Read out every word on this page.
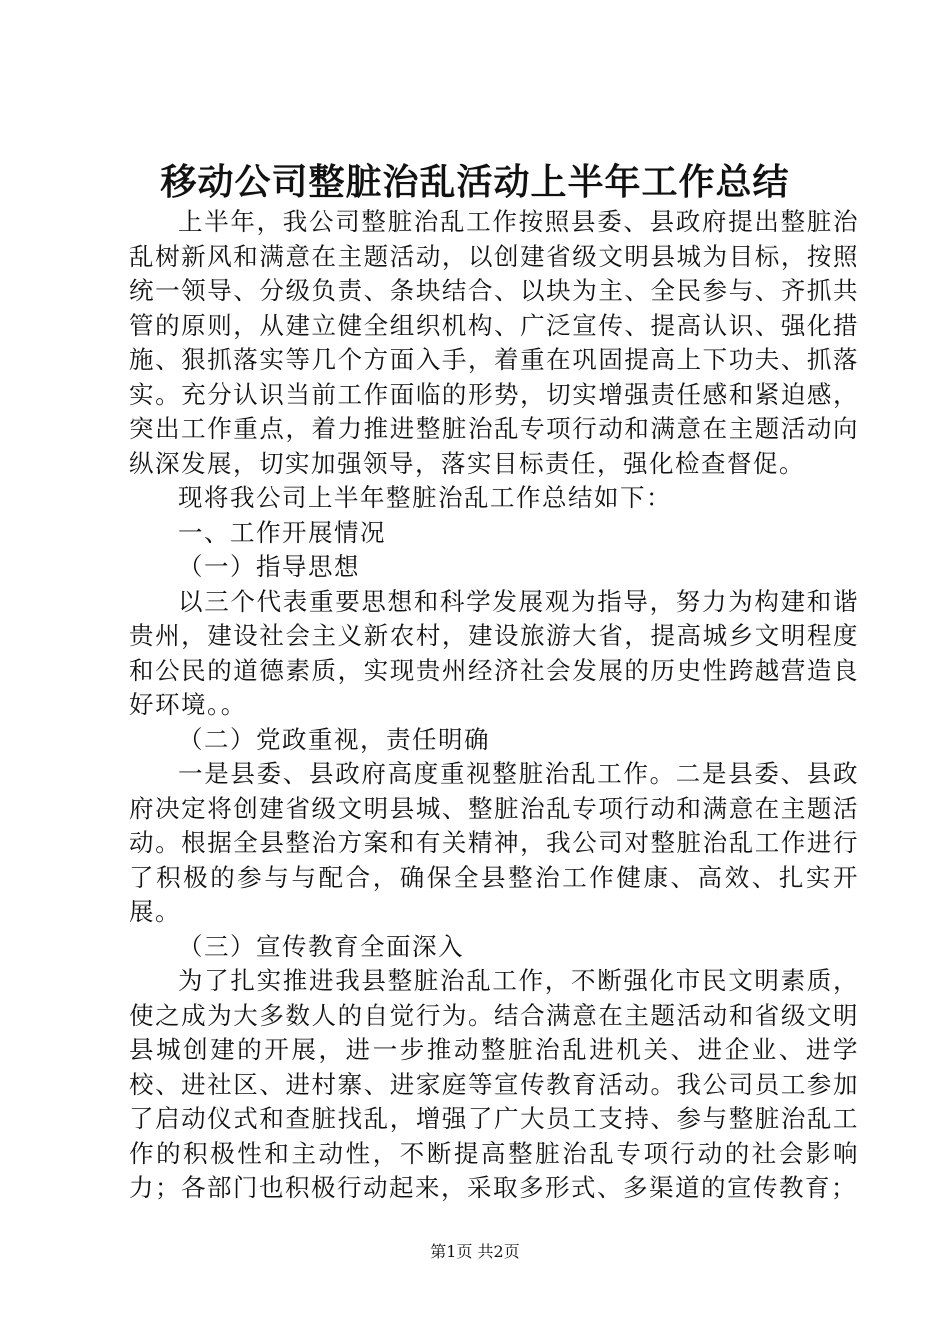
移动公司整脏治乱活动上半年工作总结

上半年，我公司整脏治乱工作按照县委、县政府提出整脏治乱树新风和满意在主题活动，以创建省级文明县城为目标，按照统一领导、分级负责、条块结合、以块为主、全民参与、齐抓共管的原则，从建立健全组织机构、广泛宣传、提高认识、强化措施、狠抓落实等几个方面入手，着重在巩固提高上下功夫、抓落实。充分认识当前工作面临的形势，切实增强责任感和紧迫感，突出工作重点，着力推进整脏治乱专项行动和满意在主题活动向纵深发展，切实加强领导，落实目标责任，强化检查督促。

现将我公司上半年整脏治乱工作总结如下：

一、工作开展情况

（一）指导思想

以三个代表重要思想和科学发展观为指导，努力为构建和谐贵州，建设社会主义新农村，建设旅游大省，提高城乡文明程度和公民的道德素质，实现贵州经济社会发展的历史性跨越营造良好环境。。

（二）党政重视，责任明确

一是县委、县政府高度重视整脏治乱工作。二是县委、县政府决定将创建省级文明县城、整脏治乱专项行动和满意在主题活动。根据全县整治方案和有关精神，我公司对整脏治乱工作进行了积极的参与与配合，确保全县整治工作健康、高效、扎实开展。

（三）宣传教育全面深入

为了扎实推进我县整脏治乱工作，不断强化市民文明素质，使之成为大多数人的自觉行为。结合满意在主题活动和省级文明县城创建的开展，进一步推动整脏治乱进机关、进企业、进学校、进社区、进村寨、进家庭等宣传教育活动。我公司员工参加了启动仪式和查脏找乱，增强了广大员工支持、参与整脏治乱工作的积极性和主动性，不断提高整脏治乱专项行动的社会影响力；各部门也积极行动起来，采取多形式、多渠道的宣传教育；

第1页 共2页
